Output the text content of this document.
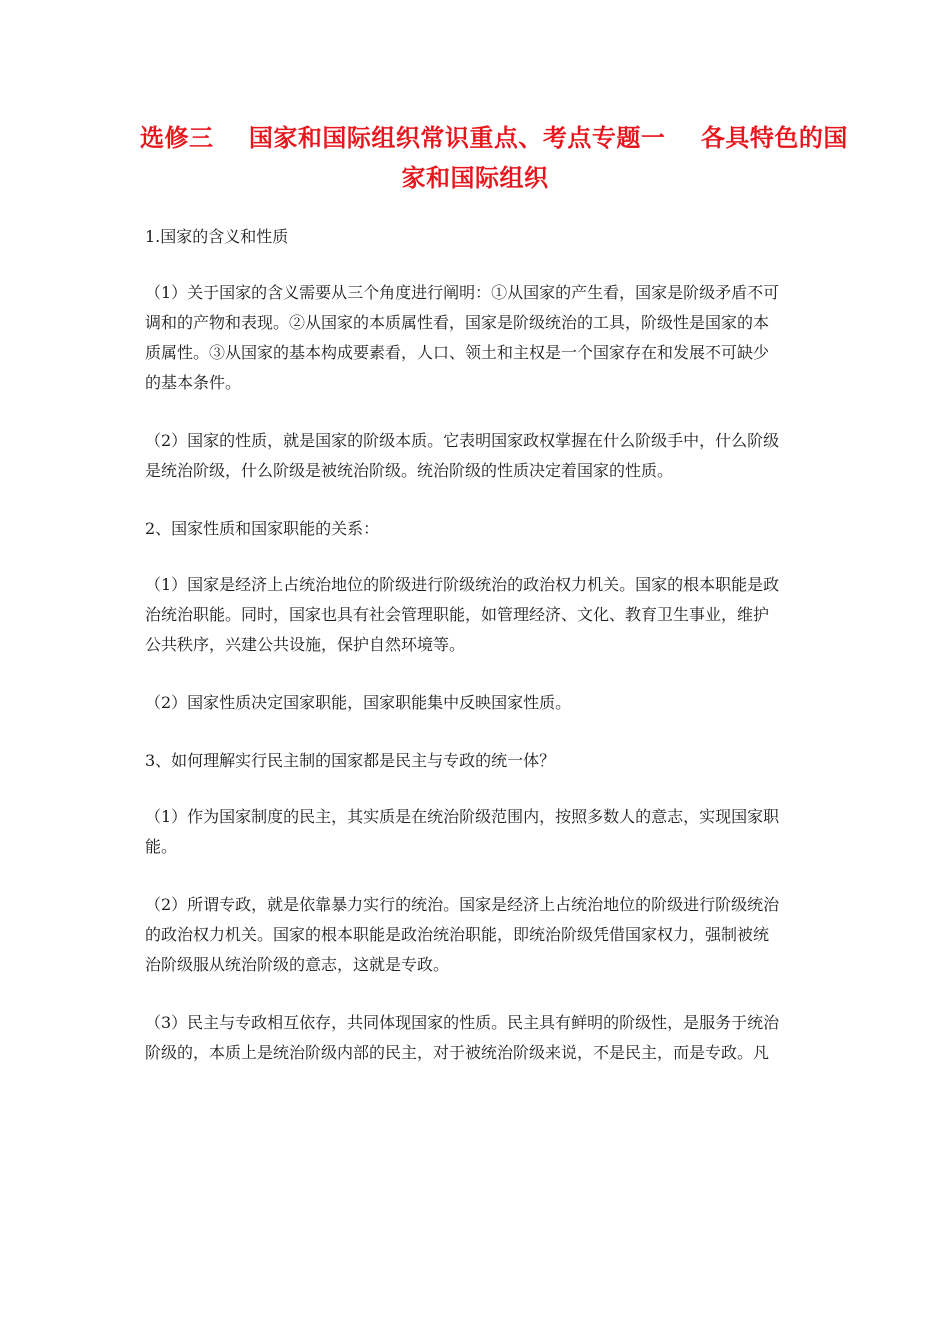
选修三    国家和国际组织常识重点、考点专题一    各具特色的国
家和国际组织
1.国家的含义和性质
（1）关于国家的含义需要从三个角度进行阐明：①从国家的产生看，国家是阶级矛盾不可
调和的产物和表现。②从国家的本质属性看，国家是阶级统治的工具，阶级性是国家的本
质属性。③从国家的基本构成要素看，人口、领土和主权是一个国家存在和发展不可缺少
的基本条件。
（2）国家的性质，就是国家的阶级本质。它表明国家政权掌握在什么阶级手中，什么阶级
是统治阶级，什么阶级是被统治阶级。统治阶级的性质决定着国家的性质。
2、国家性质和国家职能的关系：
（1）国家是经济上占统治地位的阶级进行阶级统治的政治权力机关。国家的根本职能是政
治统治职能。同时，国家也具有社会管理职能，如管理经济、文化、教育卫生事业，维护
公共秩序，兴建公共设施，保护自然环境等。
（2）国家性质决定国家职能，国家职能集中反映国家性质。
3、如何理解实行民主制的国家都是民主与专政的统一体？
（1）作为国家制度的民主，其实质是在统治阶级范围内，按照多数人的意志，实现国家职
能。
（2）所谓专政，就是依靠暴力实行的统治。国家是经济上占统治地位的阶级进行阶级统治
的政治权力机关。国家的根本职能是政治统治职能，即统治阶级凭借国家权力，强制被统
治阶级服从统治阶级的意志，这就是专政。
（3）民主与专政相互依存，共同体现国家的性质。民主具有鲜明的阶级性，是服务于统治
阶级的，本质上是统治阶级内部的民主，对于被统治阶级来说，不是民主，而是专政。凡
